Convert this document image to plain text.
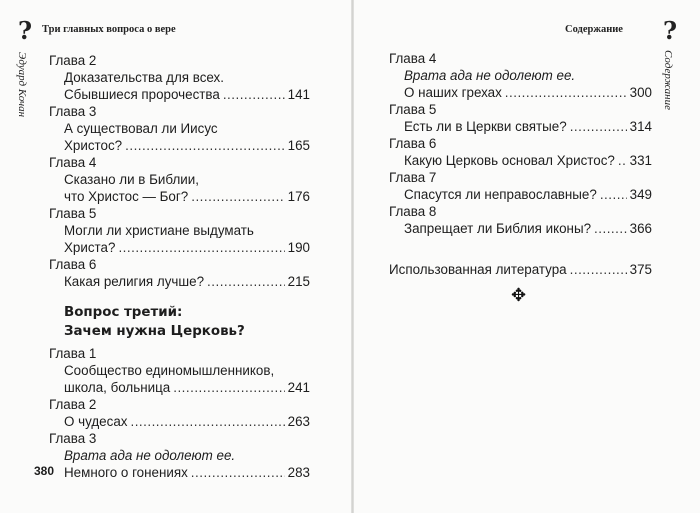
? Три главных вопроса о вере
Эдуард Кочан Глава 2
Доказательства для всех.
Сбывшиеся пророчества .....	141
Глава 3
А существовал ли Иисус
Христос? .....	165
Глава 4
Сказано ли в Библии,
что Христос — Бог? .....	176
Глава 5
Могли ли христиане выдумать
Христа? .....	190
Глава 6
Какая религия лучше? .....	215
Вопрос третий:
Зачем нужна Церковь?
Глава 1
Сообщество единомышленников,
школа, больница .....	241
Глава 2
О чудесах .....	263
Глава 3
Врата ада не одолеют ее.
Немного о гонениях .....	283
380
Содержание ?
Содержание
Глава 4
Врата ада не одолеют ее.
О наших грехах .....	300
Глава 5
Есть ли в Церкви святые? .....	314
Глава 6
Какую Церковь основал Христос? ..... 331
Глава 7
Спасутся ли неправославные? ..... 349
Глава 8
Запрещает ли Библия иконы? .....	366
Использованная литература .....	375
✥
